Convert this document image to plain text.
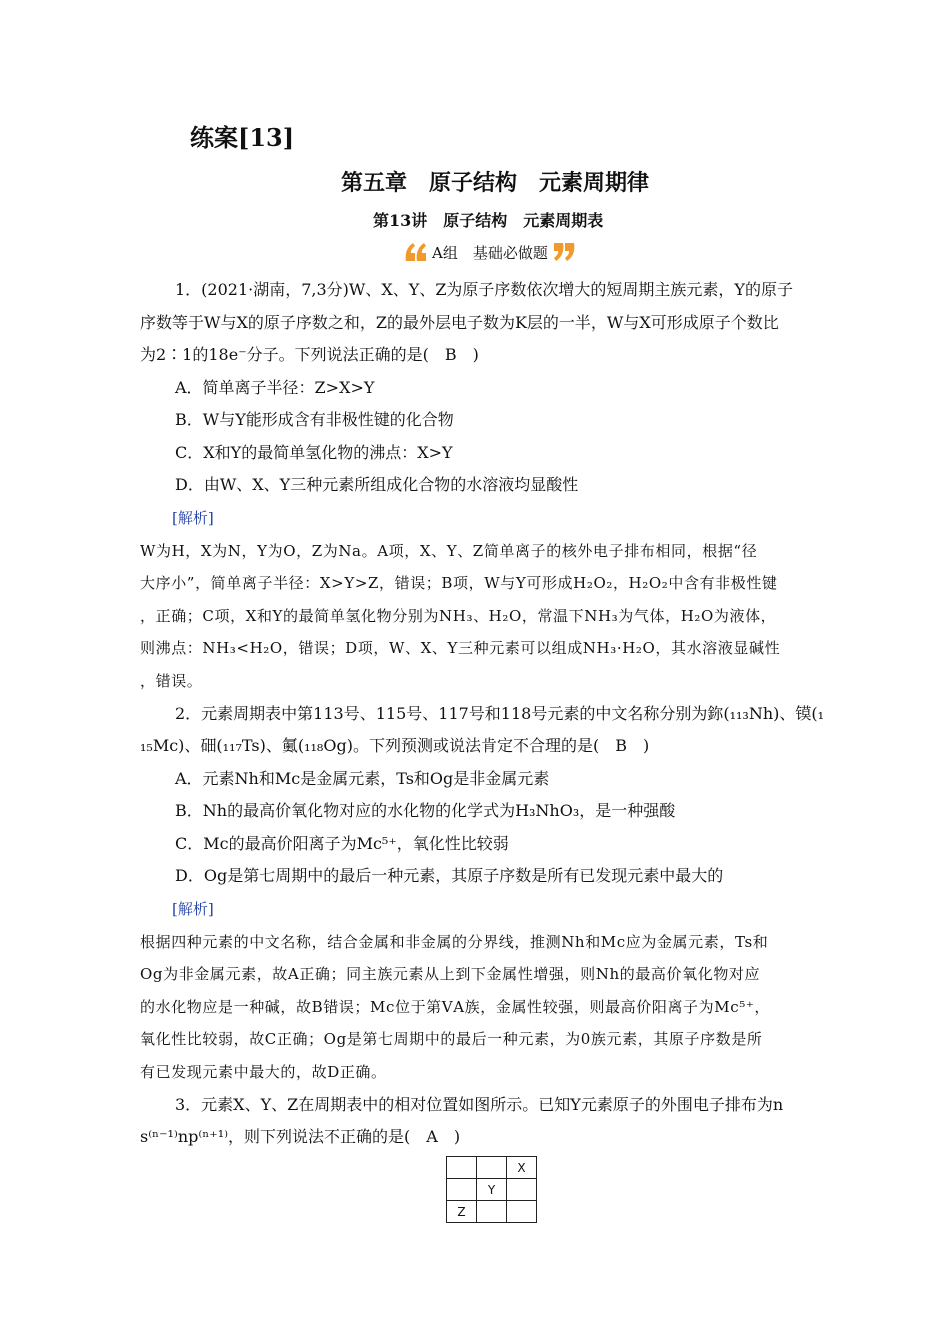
练案[13]
第五章　原子结构　元素周期律
第13讲　原子结构　元素周期表
A组　基础必做题
1．(2021·湖南，7,3分)W、X、Y、Z为原子序数依次增大的短周期主族元素，Y的原子
序数等于W与X的原子序数之和，Z的最外层电子数为K层的一半，W与X可形成原子个数比
为2∶1的18e⁻分子。下列说法正确的是(　B　)
A．简单离子半径：Z>X>Y
B．W与Y能形成含有非极性键的化合物
C．X和Y的最简单氢化物的沸点：X>Y
D．由W、X、Y三种元素所组成化合物的水溶液均显酸性
[解析]
W为H，X为N，Y为O，Z为Na。A项，X、Y、Z简单离子的核外电子排布相同，根据“径
大序小”，简单离子半径：X>Y>Z，错误；B项，W与Y可形成H₂O₂，H₂O₂中含有非极性键
，正确；C项，X和Y的最简单氢化物分别为NH₃、H₂O，常温下NH₃为气体，H₂O为液体，
则沸点：NH₃<H₂O，错误；D项，W、X、Y三种元素可以组成NH₃·H₂O，其水溶液显碱性
，错误。
2．元素周期表中第113号、115号、117号和118号元素的中文名称分别为鉨(₁₁₃Nh)、镆(₁
₁₅Mc)、鿬(₁₁₇Ts)、鿫(₁₁₈Og)。下列预测或说法肯定不合理的是(　B　)
A．元素Nh和Mc是金属元素，Ts和Og是非金属元素
B．Nh的最高价氧化物对应的水化物的化学式为H₃NhO₃，是一种强酸
C．Mc的最高价阳离子为Mc⁵⁺，氧化性比较弱
D．Og是第七周期中的最后一种元素，其原子序数是所有已发现元素中最大的
[解析]
根据四种元素的中文名称，结合金属和非金属的分界线，推测Nh和Mc应为金属元素，Ts和
Og为非金属元素，故A正确；同主族元素从上到下金属性增强，则Nh的最高价氧化物对应
的水化物应是一种碱，故B错误；Mc位于第ⅤA族，金属性较强，则最高价阳离子为Mc⁵⁺，
氧化性比较弱，故C正确；Og是第七周期中的最后一种元素，为0族元素，其原子序数是所
有已发现元素中最大的，故D正确。
3．元素X、Y、Z在周期表中的相对位置如图所示。已知Y元素原子的外围电子排布为n
s⁽ⁿ⁻¹⁾np⁽ⁿ⁺¹⁾，则下列说法不正确的是(　A　)
		X
	Y	
Z		
